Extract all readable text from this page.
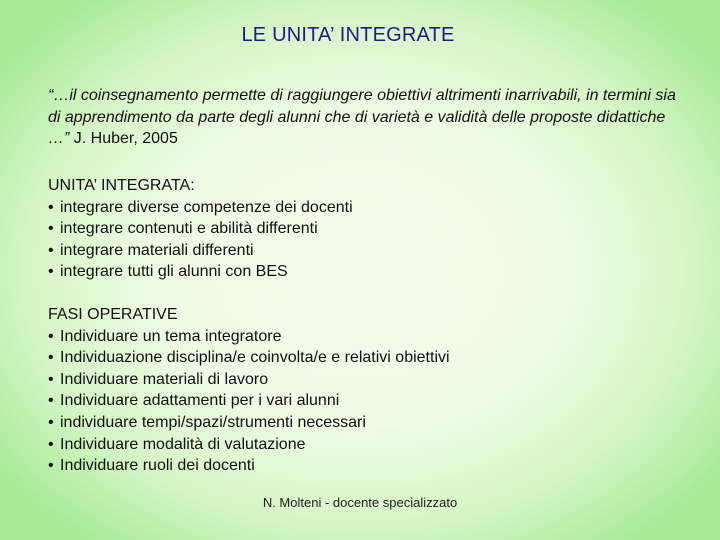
LE UNITA’ INTEGRATE
“…il coinsegnamento permette di raggiungere obiettivi altrimenti inarrivabili, in termini sia di apprendimento da parte degli alunni che di varietà e validità delle proposte didattiche …” J. Huber, 2005
UNITA’ INTEGRATA:
• integrare diverse competenze dei docenti
• integrare contenuti e abilità differenti
• integrare materiali differenti
• integrare tutti gli alunni con BES
FASI OPERATIVE
• Individuare un tema integratore
• Individuazione disciplina/e coinvolta/e e relativi obiettivi
• Individuare materiali di lavoro
• Individuare adattamenti per i vari alunni
• individuare tempi/spazi/strumenti necessari
• Individuare modalità di valutazione
• Individuare ruoli dei docenti
N. Molteni - docente specializzato
